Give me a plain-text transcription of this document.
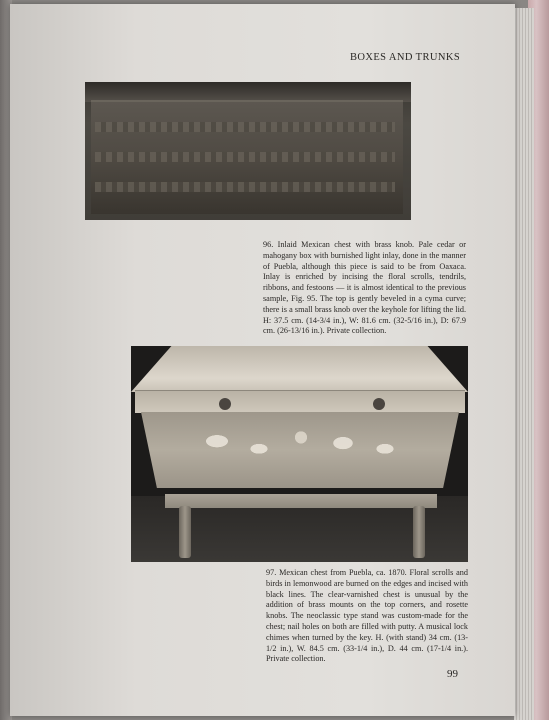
BOXES AND TRUNKS
96. Inlaid Mexican chest with brass knob. Pale cedar or mahogany box with burnished light inlay, done in the manner of Puebla, although this piece is said to be from Oaxaca. Inlay is enriched by incising the floral scrolls, tendrils, ribbons, and festoons — it is almost identical to the previous sample, Fig. 95. The top is gently beveled in a cyma curve; there is a small brass knob over the keyhole for lifting the lid. H: 37.5 cm. (14-3/4 in.), W: 81.6 cm. (32-5/16 in.), D: 67.9 cm. (26-13/16 in.). Private collection.
97. Mexican chest from Puebla, ca. 1870. Floral scrolls and birds in lemonwood are burned on the edges and incised with black lines. The clear-varnished chest is unusual by the addition of brass mounts on the top corners, and rosette knobs. The neoclassic type stand was custom-made for the chest; nail holes on both are filled with putty. A musical lock chimes when turned by the key. H. (with stand) 34 cm. (13-1/2 in.), W. 84.5 cm. (33-1/4 in.), D. 44 cm. (17-1/4 in.). Private collection.
99
